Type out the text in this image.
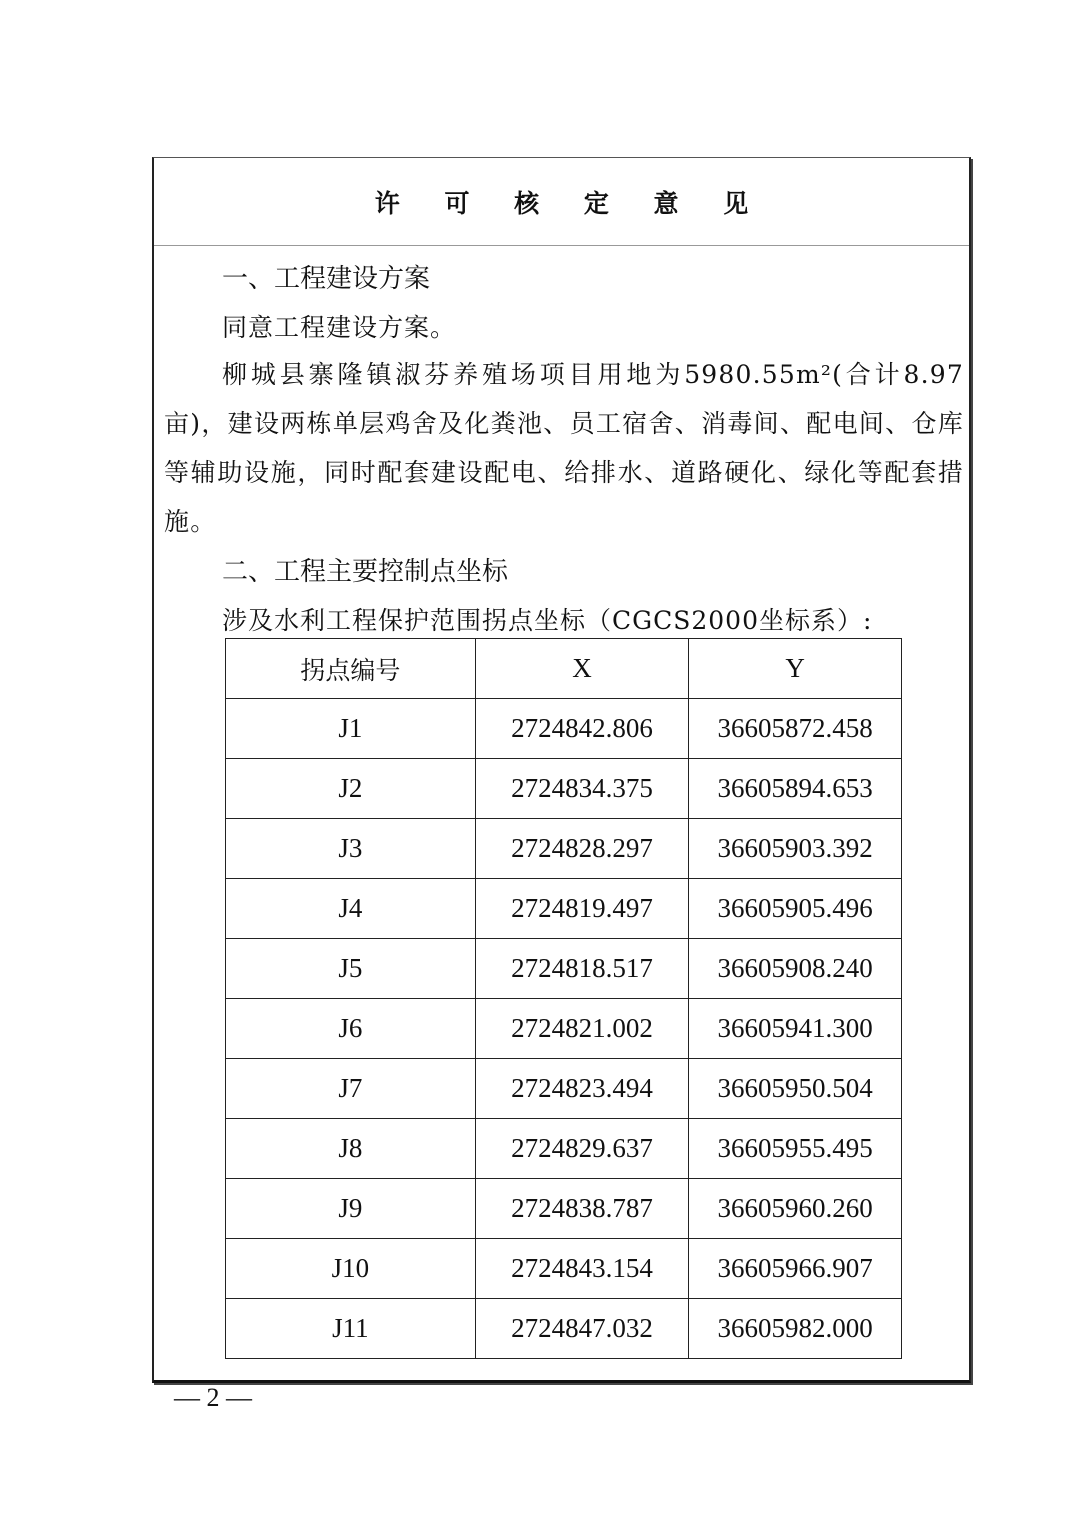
许 可 核 定 意 见
一、工程建设方案
同意工程建设方案。
柳城县寨隆镇淑芬养殖场项目用地为5980.55m²(合计8.97亩)，建设两栋单层鸡舍及化粪池、员工宿舍、消毒间、配电间、仓库等辅助设施，同时配套建设配电、给排水、道路硬化、绿化等配套措施。
二、工程主要控制点坐标
涉及水利工程保护范围拐点坐标（CGCS2000坐标系）:
拐点编号	X	Y
J1	2724842.806	36605872.458
J2	2724834.375	36605894.653
J3	2724828.297	36605903.392
J4	2724819.497	36605905.496
J5	2724818.517	36605908.240
J6	2724821.002	36605941.300
J7	2724823.494	36605950.504
J8	2724829.637	36605955.495
J9	2724838.787	36605960.260
J10	2724843.154	36605966.907
J11	2724847.032	36605982.000
— 2 —
